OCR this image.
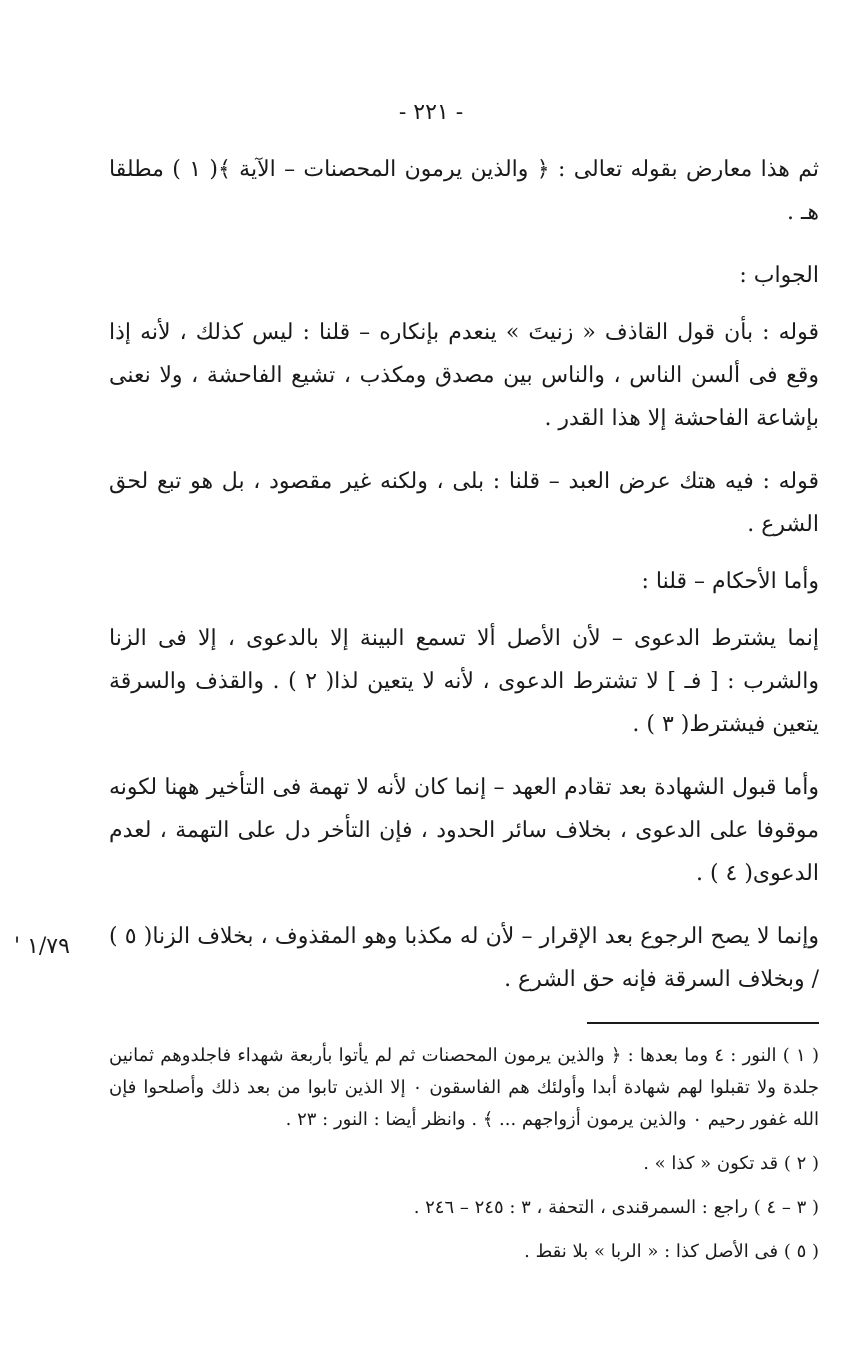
- ٢٢١ -

ثم هذا معارض بقوله تعالى : ﴿ والذين يرمون المحصنات – الآية ﴾( ١ ) مطلقا هـ .

الجواب :

قوله : بأن قول القاذف « زنيتَ » ينعدم بإنكاره – قلنا : ليس كذلك ، لأنه إذا وقع فى ألسن الناس ، والناس بين مصدق ومكذب ، تشيع الفاحشة ، ولا نعنى بإشاعة الفاحشة إلا هذا القدر .

قوله : فيه هتك عرض العبد – قلنا : بلى ، ولكنه غير مقصود ، بل هو تبع لحق الشرع .

وأما الأحكام – قلنا :

إنما يشترط الدعوى – لأن الأصل ألا تسمع البينة إلا بالدعوى ، إلا فى الزنا والشرب : [ فـ ] لا تشترط الدعوى ، لأنه لا يتعين لذا( ٢ ) . والقذف والسرقة يتعين فيشترط( ٣ ) .

وأما قبول الشهادة بعد تقادم العهد – إنما كان لأنه لا تهمة فى التأخير ههنا لكونه موقوفا على الدعوى ، بخلاف سائر الحدود ، فإن التأخر دل على التهمة ، لعدم الدعوى( ٤ ) .

وإنما لا يصح الرجوع بعد الإقرار – لأن له مكذبا وهو المقذوف ، بخلاف الزنا( ٥ ) / وبخلاف السرقة فإنه حق الشرع .

١/٧٩ '

( ١ ) النور : ٤ وما بعدها : ﴿ والذين يرمون المحصنات ثم لم يأتوا بأربعة شهداء فاجلدوهم ثمانين جلدة ولا تقبلوا لهم شهادة أبدا وأولئك هم الفاسقون ٠ إلا الذين تابوا من بعد ذلك وأصلحوا فإن الله غفور رحيم ٠ والذين يرمون أزواجهم ... ﴾ . وانظر أيضا : النور : ٢٣ .

( ٢ ) قد تكون « كذا » .

( ٣ – ٤ ) راجع : السمرقندى ، التحفة ، ٣ : ٢٤٥ – ٢٤٦ .

( ٥ ) فى الأصل كذا : « الربا » بلا نقط .
